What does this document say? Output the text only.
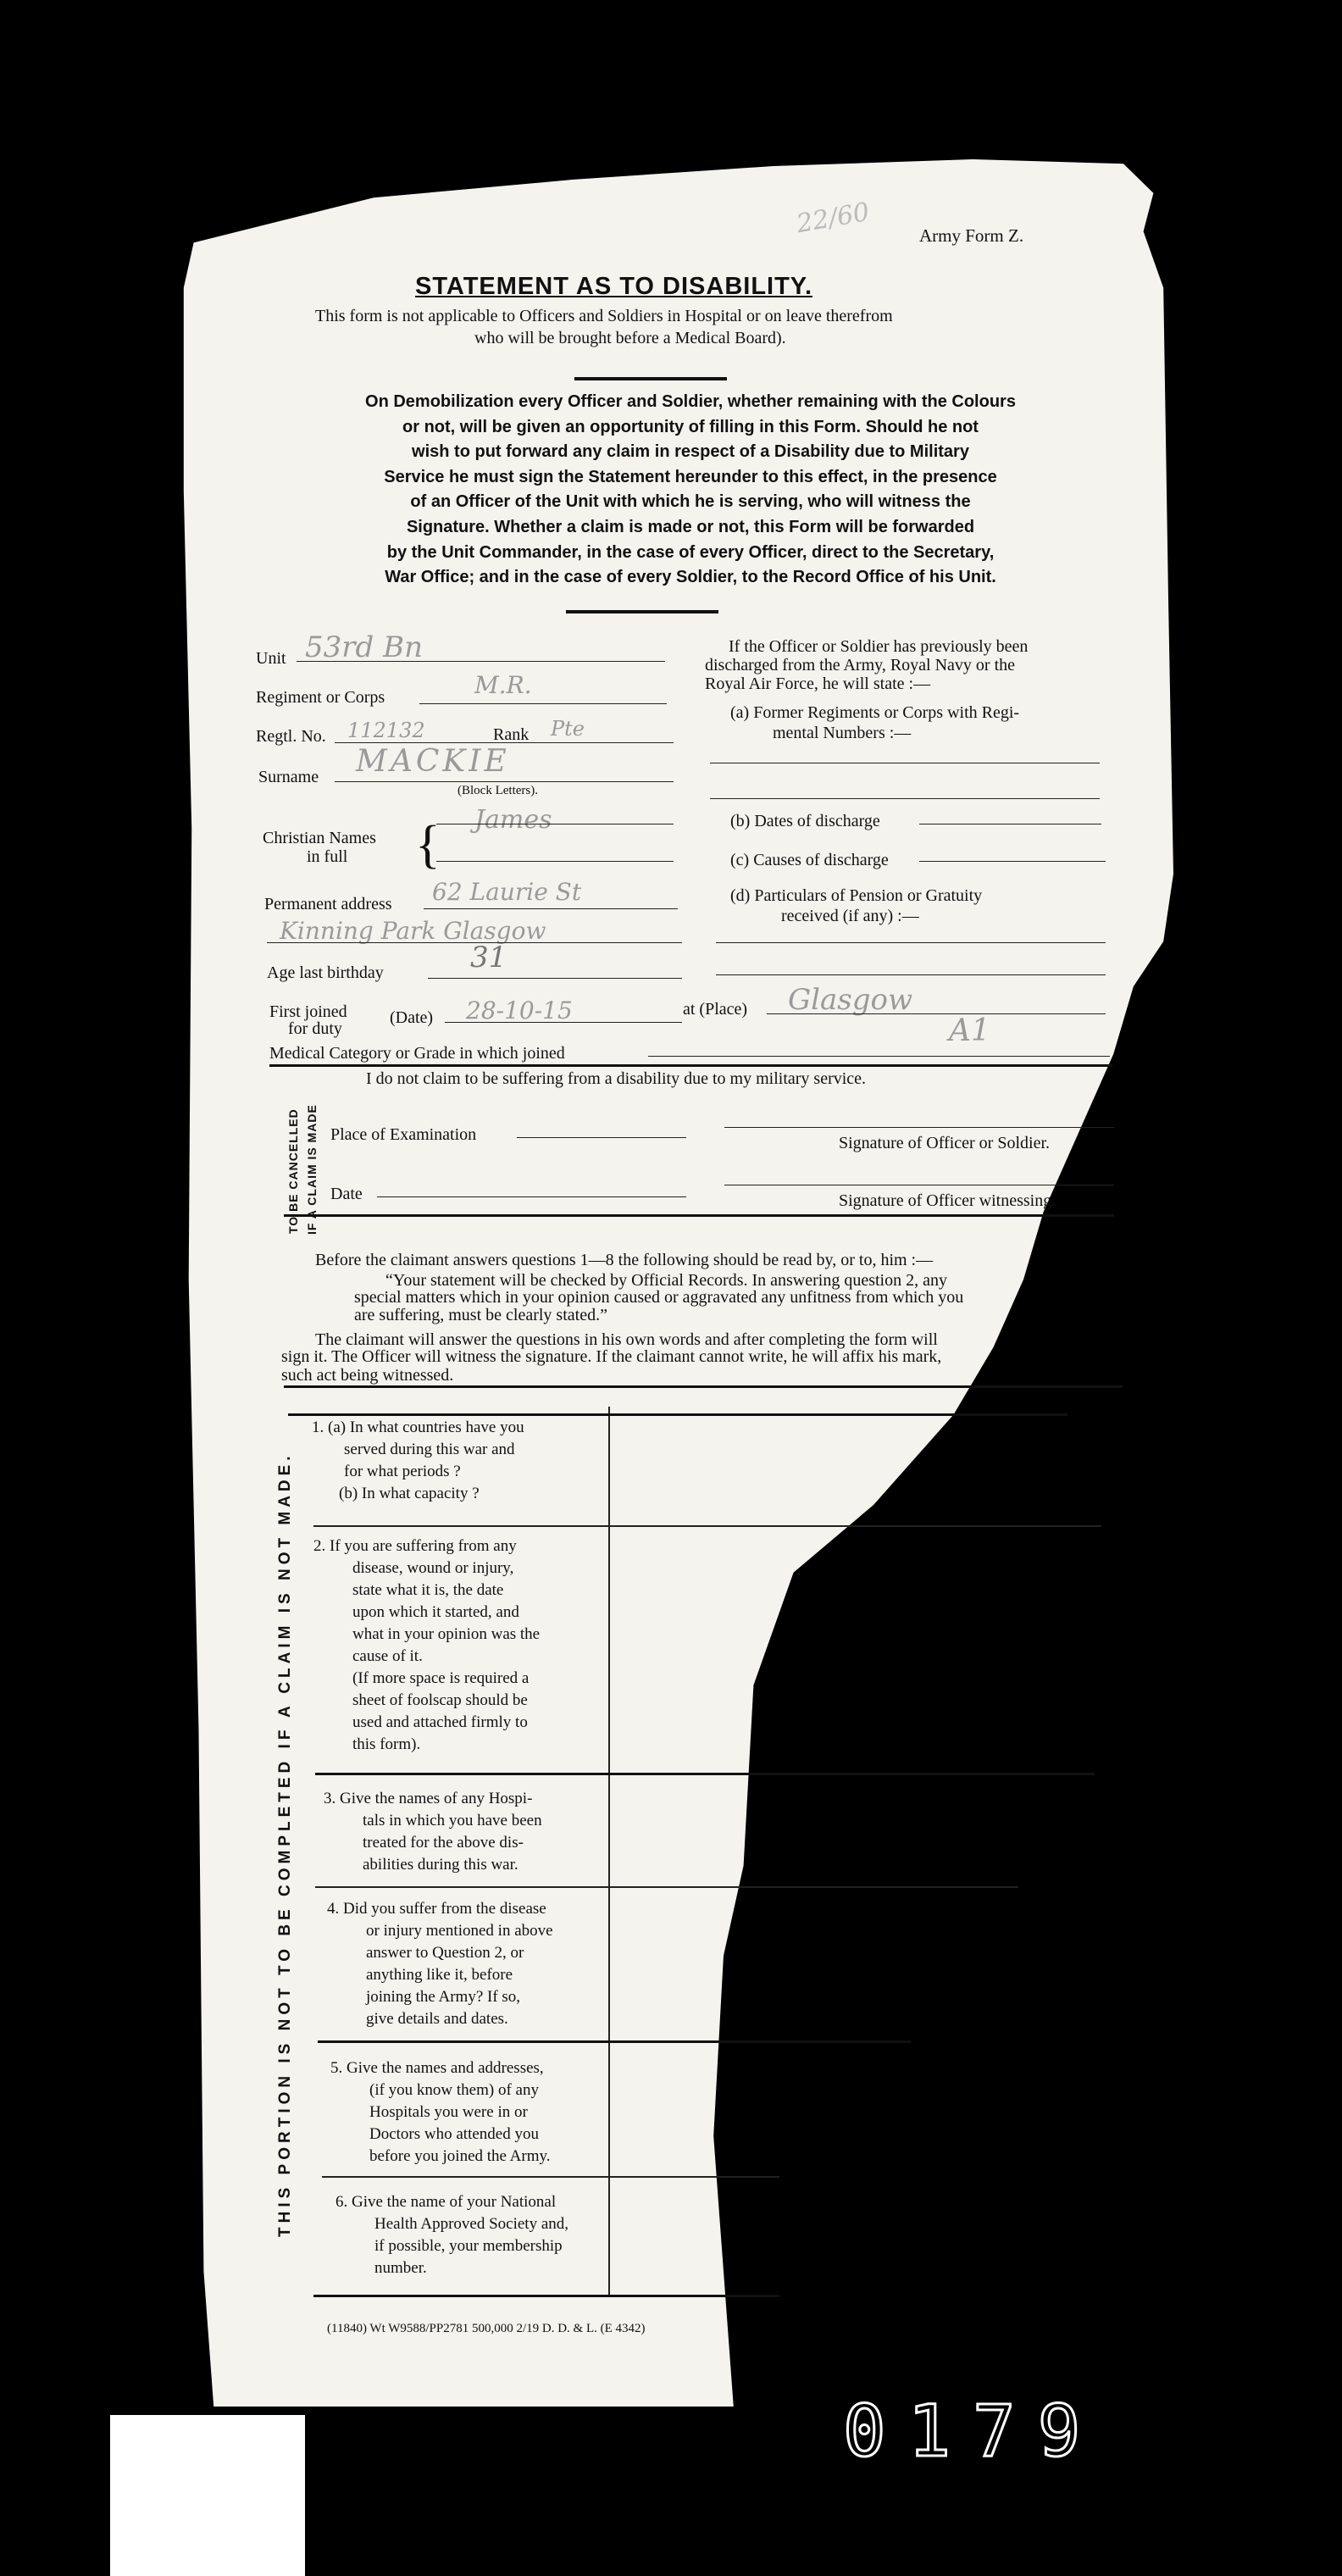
22/60	Army Form Z.
STATEMENT AS TO DISABILITY.
This form is not applicable to Officers and Soldiers in Hospital or on leave therefrom
who will be brought before a Medical Board).
On Demobilization every Officer and Soldier, whether remaining with the Colours
or not, will be given an opportunity of filling in this Form. Should he not
wish to put forward any claim in respect of a Disability due to Military
Service he must sign the Statement hereunder to this effect, in the presence
of an Officer of the Unit with which he is serving, who will witness the
Signature. Whether a claim is made or not, this Form will be forwarded
by the Unit Commander, in the case of every Officer, direct to the Secretary,
War Office; and in the case of every Soldier, to the Record Office of his Unit.
Unit 53rd Bn
Regiment or Corps	M.R.
Regtl. No. 112132	Rank Pte
Surname MACKIE
(Block Letters).
Christian Names
in full { James
Permanent address 62 Laurie St
Kinning Park Glasgow
Age last birthday	31
First joined
for duty
(Date) 28-10-15	at (Place) Glasgow
Medical Category or Grade in which joined
A1
If the Officer or Soldier has previously been
discharged from the Army, Royal Navy or the
Royal Air Force, he will state :—
(a) Former Regiments or Corps with Regi-
mental Numbers :—
(b) Dates of discharge
(c) Causes of discharge
(d) Particulars of Pension or Gratuity
received (if any) :—
TO BE CANCELLED IF A CLAIM IS MADE
I do not claim to be suffering from a disability due to my military service.
Place of Examination	Signature of Officer or Soldier.
Date	Signature of Officer witnessing.
Before the claimant answers questions 1—8 the following should be read by, or to, him :—
“Your statement will be checked by Official Records. In answering question 2, any
special matters which in your opinion caused or aggravated any unfitness from which you
are suffering, must be clearly stated.”
The claimant will answer the questions in his own words and after completing the form will
sign it. The Officer will witness the signature. If the claimant cannot write, he will affix his mark,
such act being witnessed.
THIS PORTION IS NOT TO BE COMPLETED IF A CLAIM IS NOT MADE.
1. (a) In what countries have you
served during this war and
for what periods ?
(b) In what capacity ?
2. If you are suffering from any
disease, wound or injury,
state what it is, the date
upon which it started, and
what in your opinion was the
cause of it.
(If more space is required a
sheet of foolscap should be
used and attached firmly to
this form).
3. Give the names of any Hospi-
tals in which you have been
treated for the above dis-
abilities during this war.
4. Did you suffer from the disease
or injury mentioned in above
answer to Question 2, or
anything like it, before
joining the Army? If so,
give details and dates.
5. Give the names and addresses,
(if you know them) of any
Hospitals you were in or
Doctors who attended you
before you joined the Army.
6. Give the name of your National
Health Approved Society and,
if possible, your membership
number.
(11840) Wt W9588/PP2781 500,000 2/19 D. D. & L. (E 4342)
0179
